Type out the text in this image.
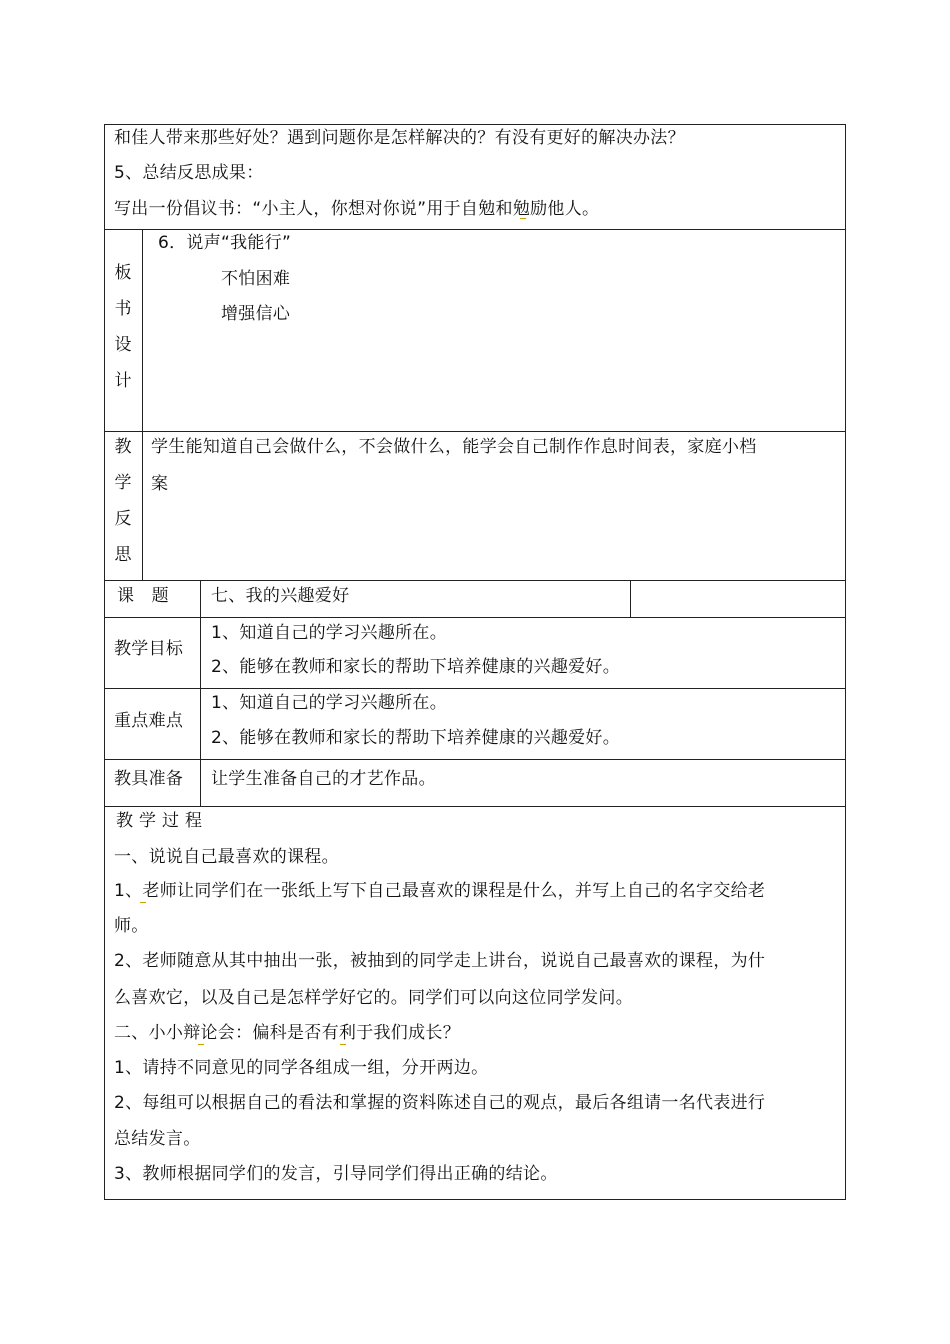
和佳人带来那些好处？遇到问题你是怎样解决的？有没有更好的解决办法？
5、总结反思成果：
写出一份倡议书：“小主人，你想对你说”用于自勉和勉励他人。
板
书
设
计
6．说声“我能行”
不怕困难
增强信心
教
学
反
思
学生能知道自己会做什么，不会做什么，能学会自己制作作息时间表，家庭小档
案
课　题 七、我的兴趣爱好
教学目标
1、知道自己的学习兴趣所在。
2、能够在教师和家长的帮助下培养健康的兴趣爱好。
重点难点
1、知道自己的学习兴趣所在。
2、能够在教师和家长的帮助下培养健康的兴趣爱好。
教具准备 让学生准备自己的才艺作品。
教 学 过 程
一、说说自己最喜欢的课程。
1、老师让同学们在一张纸上写下自己最喜欢的课程是什么，并写上自己的名字交给老
师。
2、老师随意从其中抽出一张，被抽到的同学走上讲台，说说自己最喜欢的课程，为什
么喜欢它，以及自己是怎样学好它的。同学们可以向这位同学发问。
二、小小辩论会：偏科是否有利于我们成长？
1、请持不同意见的同学各组成一组，分开两边。
2、每组可以根据自己的看法和掌握的资料陈述自己的观点，最后各组请一名代表进行
总结发言。
3、教师根据同学们的发言，引导同学们得出正确的结论。
